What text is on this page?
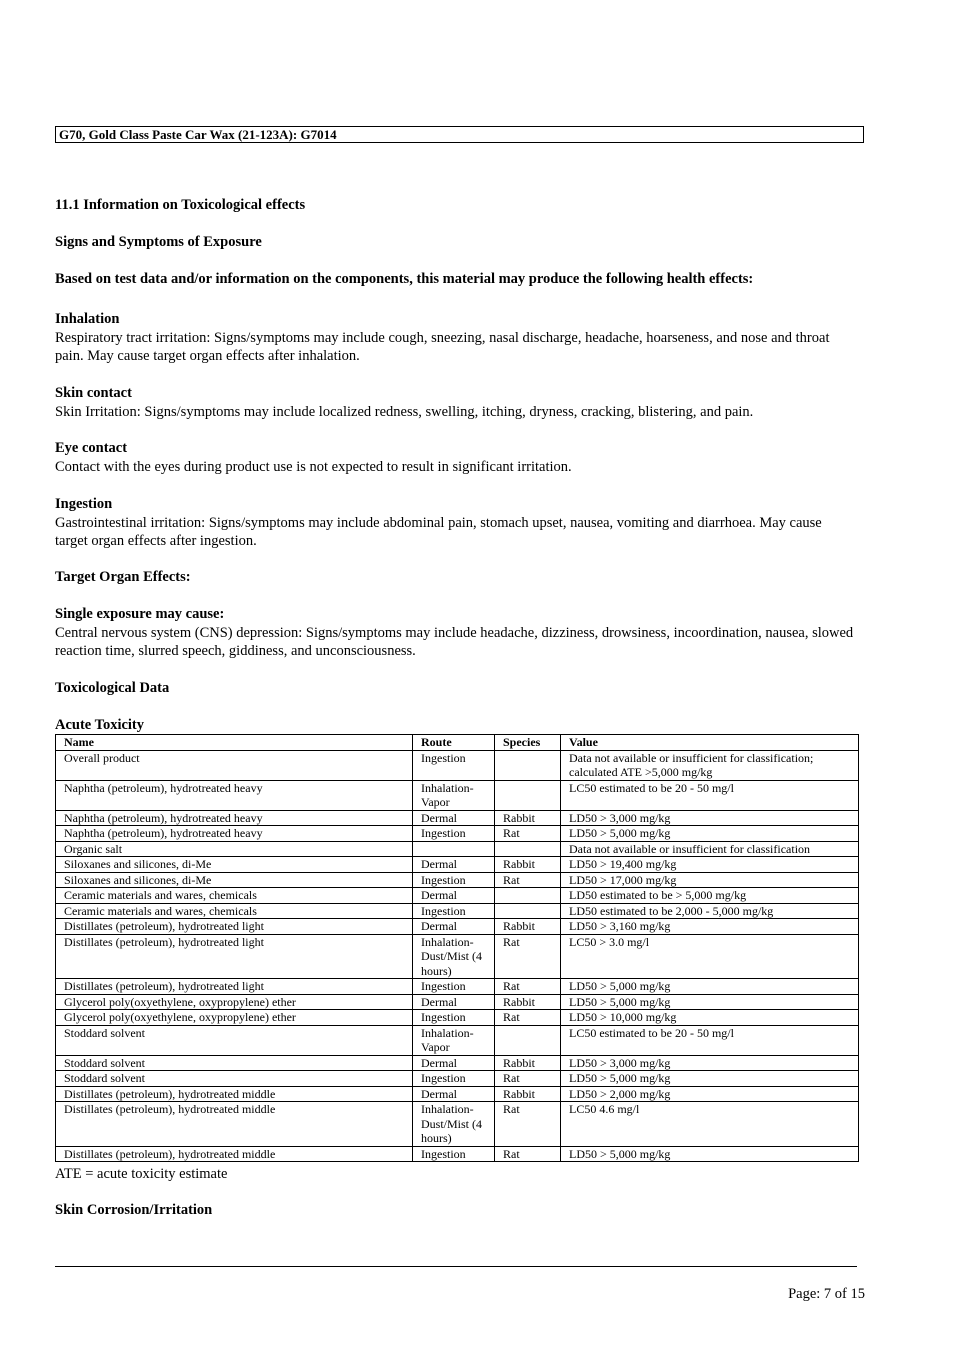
G70, Gold Class Paste Car Wax (21-123A): G7014
11.1 Information on Toxicological effects
Signs and Symptoms of Exposure
Based on test data and/or information on the components, this material may produce the following health effects:
Inhalation
Respiratory tract irritation: Signs/symptoms may include cough, sneezing, nasal discharge, headache, hoarseness, and nose and throat pain. May cause target organ effects after inhalation.
Skin contact
Skin Irritation: Signs/symptoms may include localized redness, swelling, itching, dryness, cracking, blistering, and pain.
Eye contact
Contact with the eyes during product use is not expected to result in significant irritation.
Ingestion
Gastrointestinal irritation: Signs/symptoms may include abdominal pain, stomach upset, nausea, vomiting and diarrhoea. May cause target organ effects after ingestion.
Target Organ Effects:
Single exposure may cause:
Central nervous system (CNS) depression: Signs/symptoms may include headache, dizziness, drowsiness, incoordination, nausea, slowed reaction time, slurred speech, giddiness, and unconsciousness.
Toxicological Data
Acute Toxicity
Name	Route	Species	Value
Overall product	Ingestion		Data not available or insufficient for classification; calculated ATE >5,000 mg/kg
Naphtha (petroleum), hydrotreated heavy	Inhalation-Vapor		LC50 estimated to be 20 - 50 mg/l
Naphtha (petroleum), hydrotreated heavy	Dermal	Rabbit	LD50 > 3,000 mg/kg
Naphtha (petroleum), hydrotreated heavy	Ingestion	Rat	LD50 > 5,000 mg/kg
Organic salt			Data not available or insufficient for classification
Siloxanes and silicones, di-Me	Dermal	Rabbit	LD50 > 19,400 mg/kg
Siloxanes and silicones, di-Me	Ingestion	Rat	LD50 > 17,000 mg/kg
Ceramic materials and wares, chemicals	Dermal		LD50 estimated to be > 5,000 mg/kg
Ceramic materials and wares, chemicals	Ingestion		LD50 estimated to be 2,000 - 5,000 mg/kg
Distillates (petroleum), hydrotreated light	Dermal	Rabbit	LD50 > 3,160 mg/kg
Distillates (petroleum), hydrotreated light	Inhalation-Dust/Mist (4 hours)	Rat	LC50 > 3.0 mg/l
Distillates (petroleum), hydrotreated light	Ingestion	Rat	LD50 > 5,000 mg/kg
Glycerol poly(oxyethylene, oxypropylene) ether	Dermal	Rabbit	LD50 > 5,000 mg/kg
Glycerol poly(oxyethylene, oxypropylene) ether	Ingestion	Rat	LD50 > 10,000 mg/kg
Stoddard solvent	Inhalation-Vapor		LC50 estimated to be 20 - 50 mg/l
Stoddard solvent	Dermal	Rabbit	LD50 > 3,000 mg/kg
Stoddard solvent	Ingestion	Rat	LD50 > 5,000 mg/kg
Distillates (petroleum), hydrotreated middle	Dermal	Rabbit	LD50 > 2,000 mg/kg
Distillates (petroleum), hydrotreated middle	Inhalation-Dust/Mist (4 hours)	Rat	LC50 4.6 mg/l
Distillates (petroleum), hydrotreated middle	Ingestion	Rat	LD50 > 5,000 mg/kg
ATE = acute toxicity estimate
Skin Corrosion/Irritation
Page: 7 of 15
